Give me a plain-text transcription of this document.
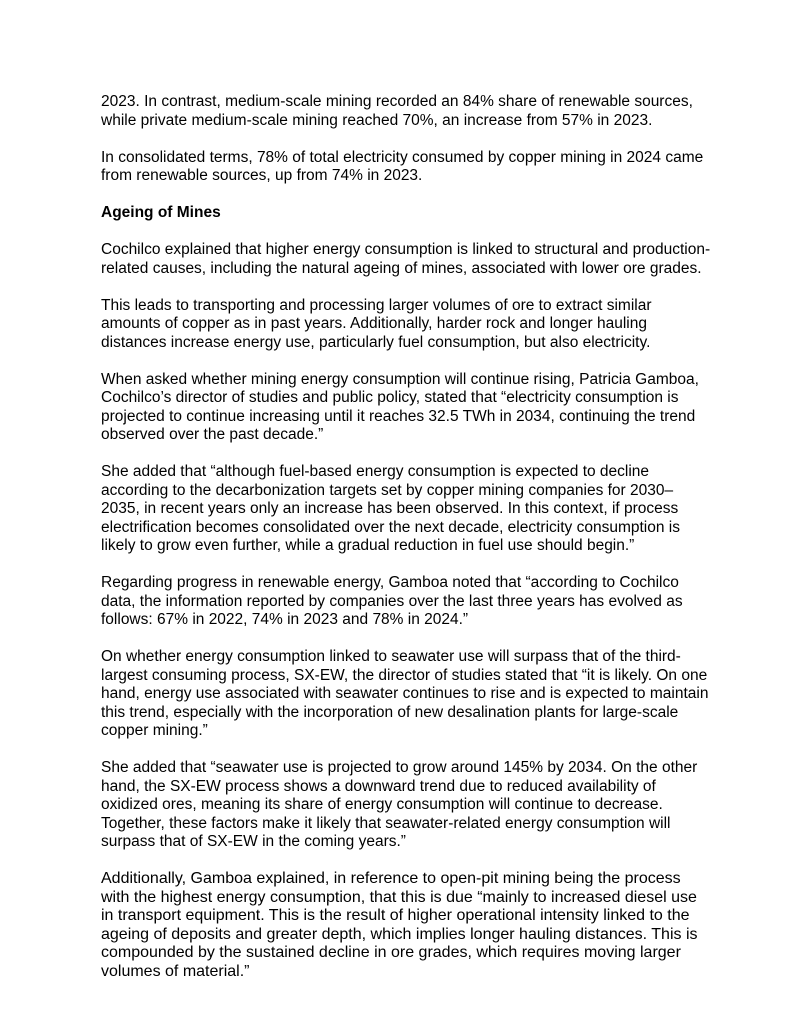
2023. In contrast, medium-scale mining recorded an 84% share of renewable sources, while private medium-scale mining reached 70%, an increase from 57% in 2023.

In consolidated terms, 78% of total electricity consumed by copper mining in 2024 came from renewable sources, up from 74% in 2023.

Ageing of Mines

Cochilco explained that higher energy consumption is linked to structural and production-related causes, including the natural ageing of mines, associated with lower ore grades.

This leads to transporting and processing larger volumes of ore to extract similar amounts of copper as in past years. Additionally, harder rock and longer hauling distances increase energy use, particularly fuel consumption, but also electricity.

When asked whether mining energy consumption will continue rising, Patricia Gamboa, Cochilco’s director of studies and public policy, stated that “electricity consumption is projected to continue increasing until it reaches 32.5 TWh in 2034, continuing the trend observed over the past decade.”

She added that “although fuel-based energy consumption is expected to decline according to the decarbonization targets set by copper mining companies for 2030–2035, in recent years only an increase has been observed. In this context, if process electrification becomes consolidated over the next decade, electricity consumption is likely to grow even further, while a gradual reduction in fuel use should begin.”

Regarding progress in renewable energy, Gamboa noted that “according to Cochilco data, the information reported by companies over the last three years has evolved as follows: 67% in 2022, 74% in 2023 and 78% in 2024.”

On whether energy consumption linked to seawater use will surpass that of the third-largest consuming process, SX-EW, the director of studies stated that “it is likely. On one hand, energy use associated with seawater continues to rise and is expected to maintain this trend, especially with the incorporation of new desalination plants for large-scale copper mining.”

She added that “seawater use is projected to grow around 145% by 2034. On the other hand, the SX-EW process shows a downward trend due to reduced availability of oxidized ores, meaning its share of energy consumption will continue to decrease. Together, these factors make it likely that seawater-related energy consumption will surpass that of SX-EW in the coming years.”

Additionally, Gamboa explained, in reference to open-pit mining being the process with the highest energy consumption, that this is due “mainly to increased diesel use in transport equipment. This is the result of higher operational intensity linked to the ageing of deposits and greater depth, which implies longer hauling distances. This is compounded by the sustained decline in ore grades, which requires moving larger volumes of material.”
